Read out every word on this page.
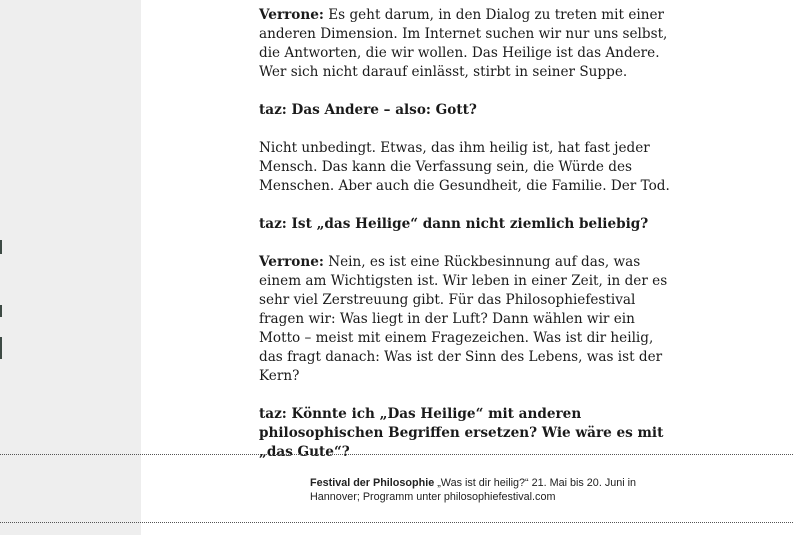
Verrone: Es geht darum, in den Dialog zu treten mit einer anderen Dimension. Im Internet suchen wir nur uns selbst, die Antworten, die wir wollen. Das Heilige ist das Andere. Wer sich nicht darauf einlässt, stirbt in seiner Suppe.

taz: Das Andere – also: Gott?

Nicht unbedingt. Etwas, das ihm heilig ist, hat fast jeder Mensch. Das kann die Verfassung sein, die Würde des Menschen. Aber auch die Gesundheit, die Familie. Der Tod.

taz: Ist „das Heilige“ dann nicht ziemlich beliebig?

Verrone: Nein, es ist eine Rückbesinnung auf das, was einem am Wichtigsten ist. Wir leben in einer Zeit, in der es sehr viel Zerstreuung gibt. Für das Philosophiefestival fragen wir: Was liegt in der Luft? Dann wählen wir ein Motto – meist mit einem Fragezeichen. Was ist dir heilig, das fragt danach: Was ist der Sinn des Lebens, was ist der Kern?

taz: Könnte ich „Das Heilige“ mit anderen philosophischen Begriffen ersetzen? Wie wäre es mit „das Gute“?

Festival der Philosophie „Was ist dir heilig?“ 21. Mai bis 20. Juni in Hannover; Programm unter philosophiefestival.com
